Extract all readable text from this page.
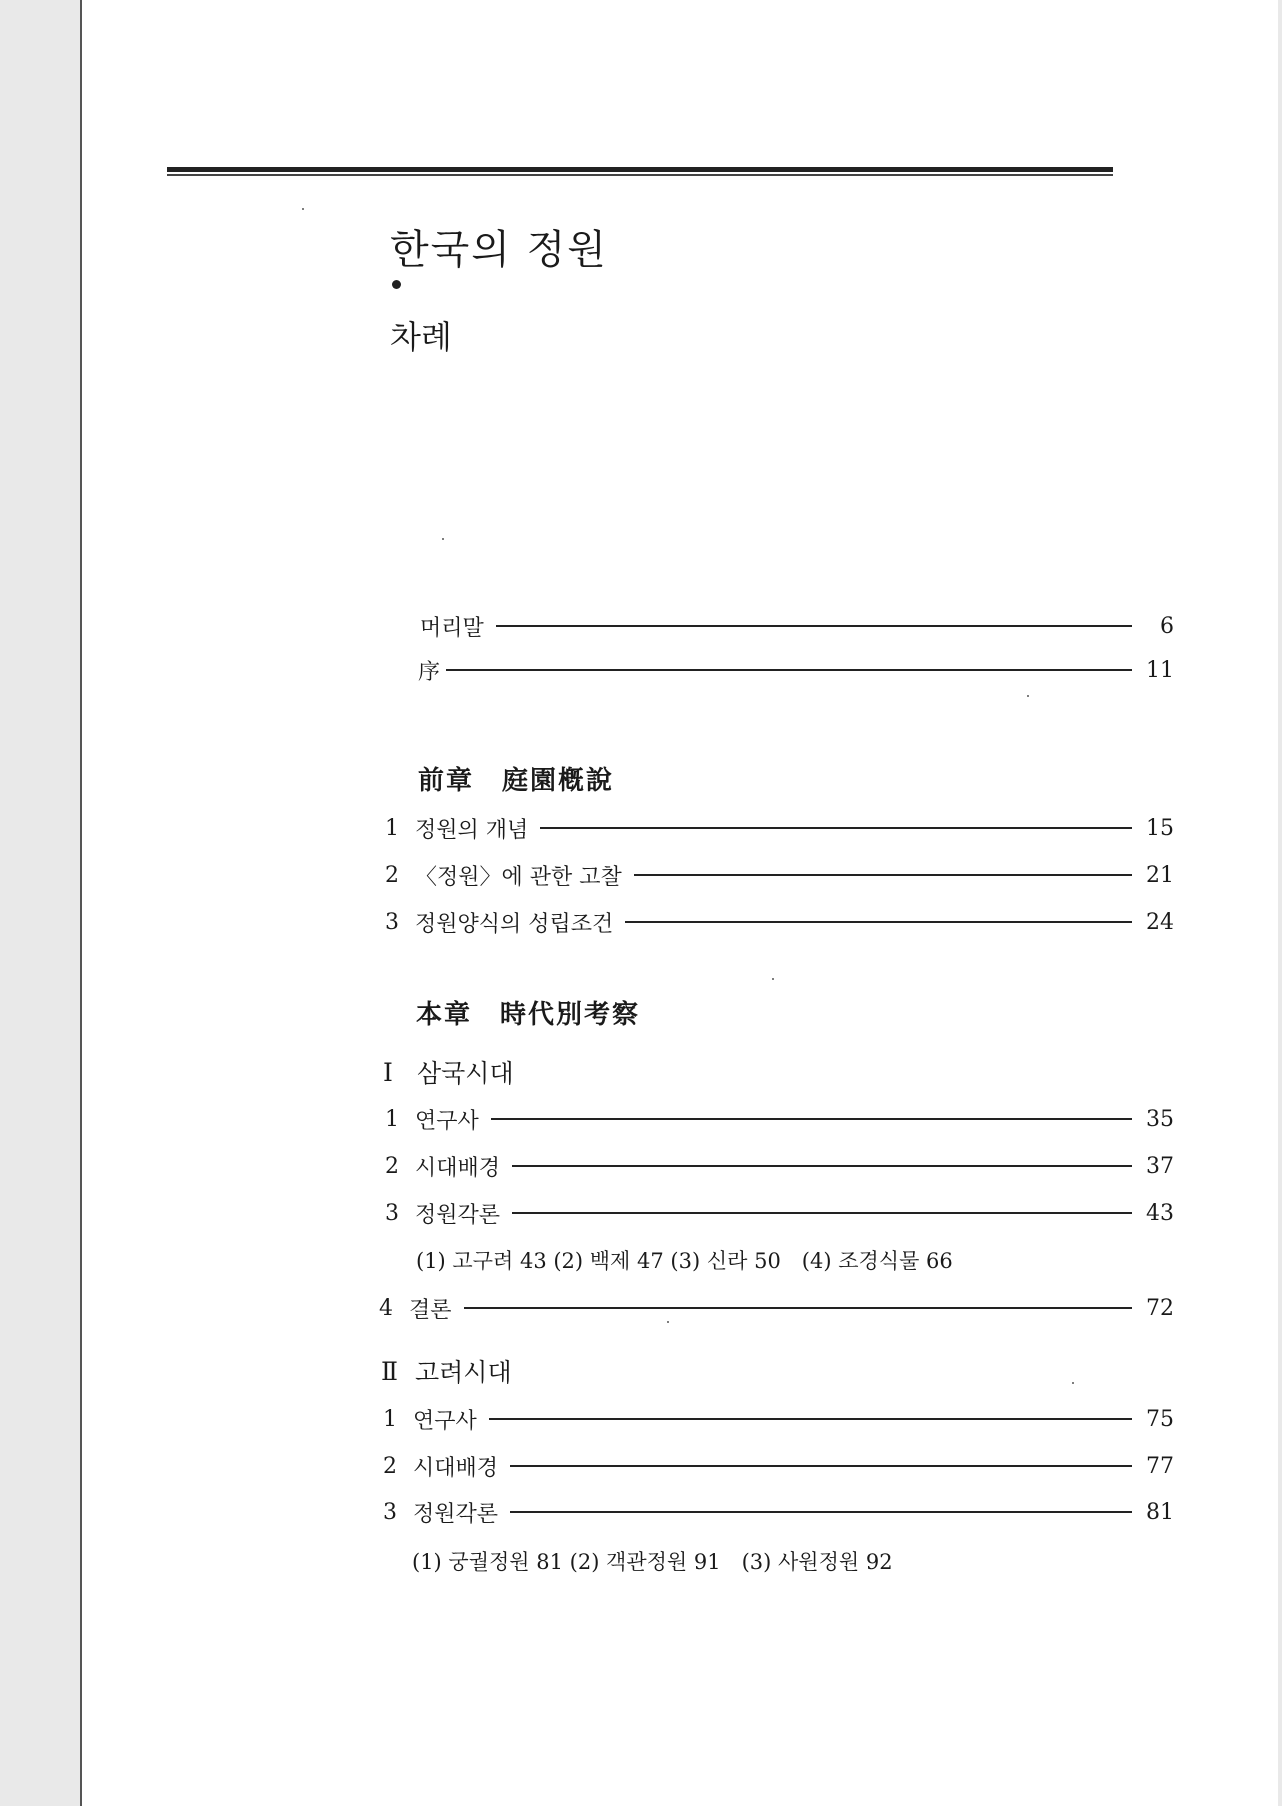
한국의 정원
차례
머리말	6
序	11
前章　庭園槪說
1 정원의 개념	15
2 〈정원〉에 관한 고찰	21
3 정원양식의 성립조건	24
本章　時代別考察
Ⅰ 삼국시대
1 연구사	35
2 시대배경	37
3 정원각론	43
(1) 고구려 43 (2) 백제 47 (3) 신라 50　(4) 조경식물 66
4 결론	72
Ⅱ 고려시대
1 연구사	75
2 시대배경	77
3 정원각론	81
(1) 궁궐정원 81 (2) 객관정원 91　(3) 사원정원 92
